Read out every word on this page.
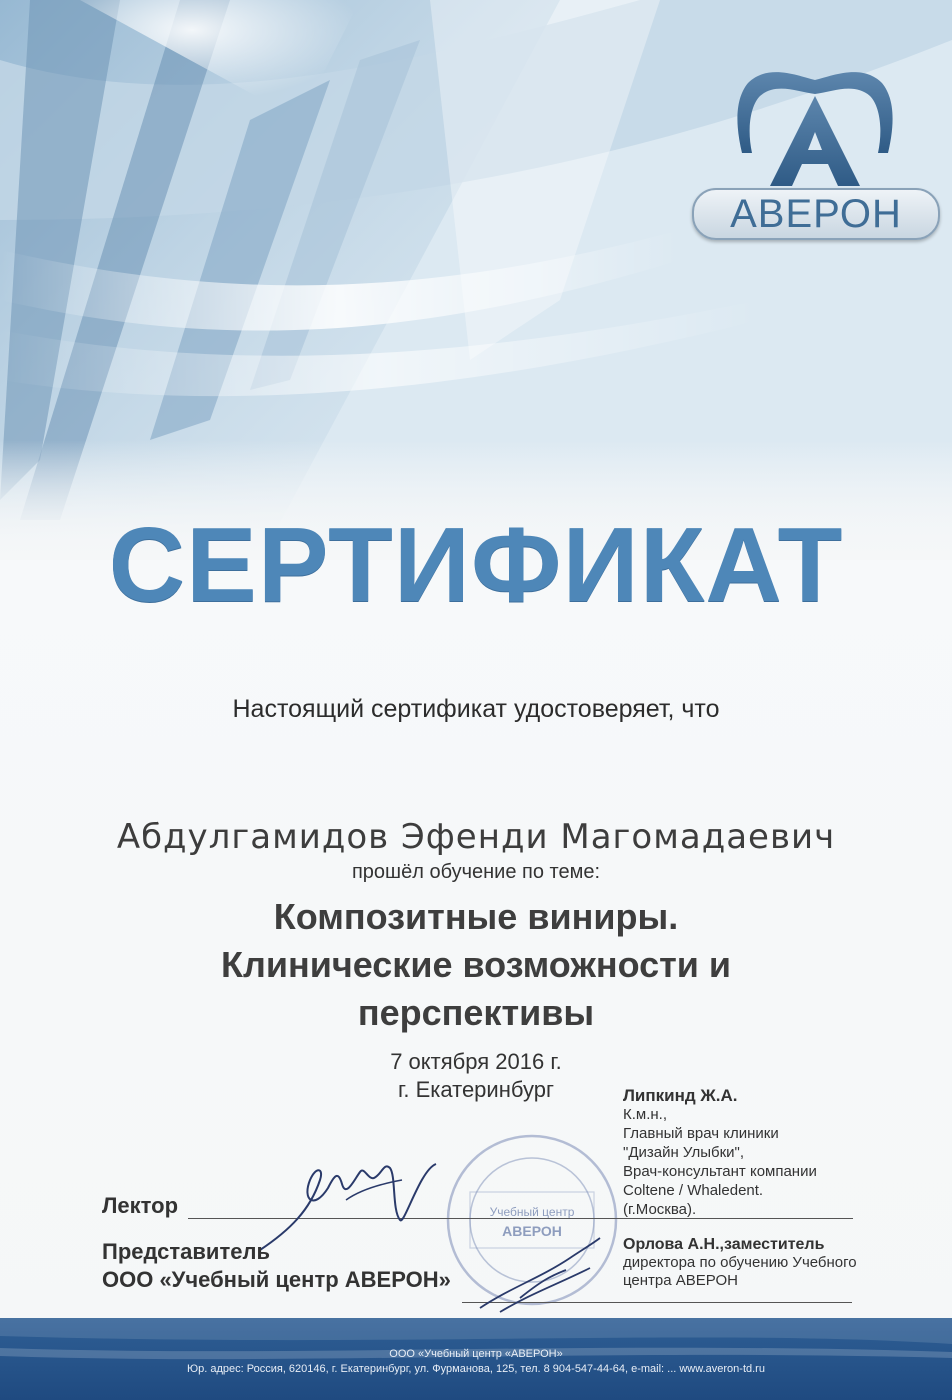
АВЕРОН
СЕРТИФИКАТ
Настоящий сертификат удостоверяет, что
Абдулгамидов Эфенди Магомадаевич
прошёл обучение по теме:
Композитные виниры.
Клинические возможности и
перспективы
7 октября 2016 г.
г. Екатеринбург
Учебный центр
АВЕРОН
Лектор
Представитель
ООО «Учебный центр АВЕРОН»
Липкинд Ж.А.
К.м.н.,
Главный врач клиники
"Дизайн Улыбки",
Врач-консультант компании
Coltene / Whaledent.
(г.Москва).
Орлова А.Н.,заместитель
директора по обучению Учебного
центра АВЕРОН
ООО «Учебный центр «АВЕРОН»
Юр. адрес: Россия, 620146, г. Екатеринбург, ул. Фурманова, 125, тел. 8 904-547-44-64, e-mail: ... www.averon-td.ru
